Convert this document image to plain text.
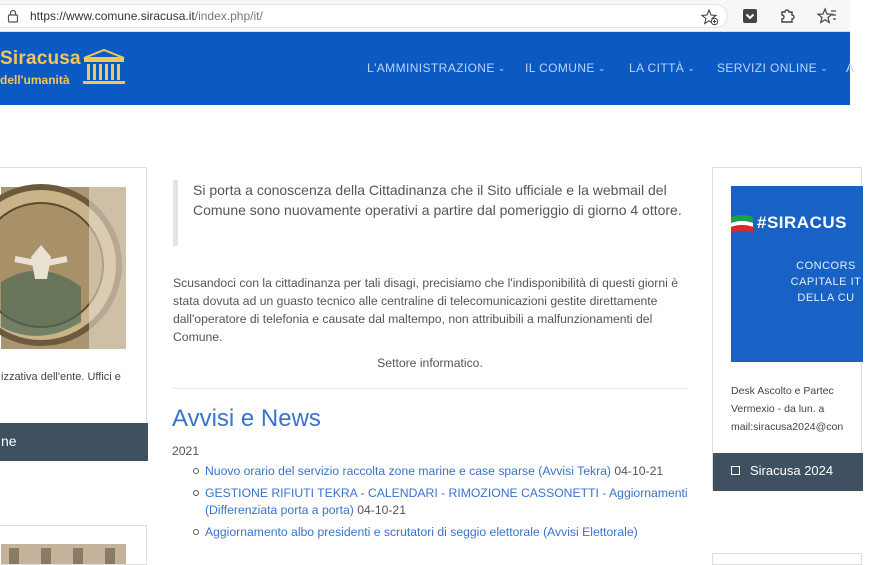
https://www.comune.siracusa.it/index.php/it/
Siracusa
dell'umanità
L'AMMINISTRAZIONE ⌄ IL COMUNE ⌄ LA CITTÀ ⌄ SERVIZI ONLINE ⌄ A
izzativa dell'ente. Uffici e
ne
Si porta a conoscenza della Cittadinanza che il Sito ufficiale e la webmail del Comune sono nuovamente operativi a partire dal pomeriggio di giorno 4 ottore.
Scusandoci con la cittadinanza per tali disagi, precisiamo che l'indisponibilità di questi giorni è stata dovuta ad un guasto tecnico alle centraline di telecomunicazioni gestite direttamente dall'operatore di telefonia e causate dal maltempo, non attribuibili a malfunzionamenti del Comune.
Settore informatico.
Avvisi e News
2021
Nuovo orario del servizio raccolta zone marine e case sparse (Avvisi Tekra) 04-10-21
GESTIONE RIFIUTI TEKRA - CALENDARI - RIMOZIONE CASSONETTI - Aggiornamenti (Differenziata porta a porta) 04-10-21
Aggiornamento albo presidenti e scrutatori di seggio elettorale (Avvisi Elettorale)
#SIRACUS
CONCORS
CAPITALE IT
DELLA CU
Desk Ascolto e Partec
Vermexio - da lun. a
mail:siracusa2024@con
Siracusa 2024
